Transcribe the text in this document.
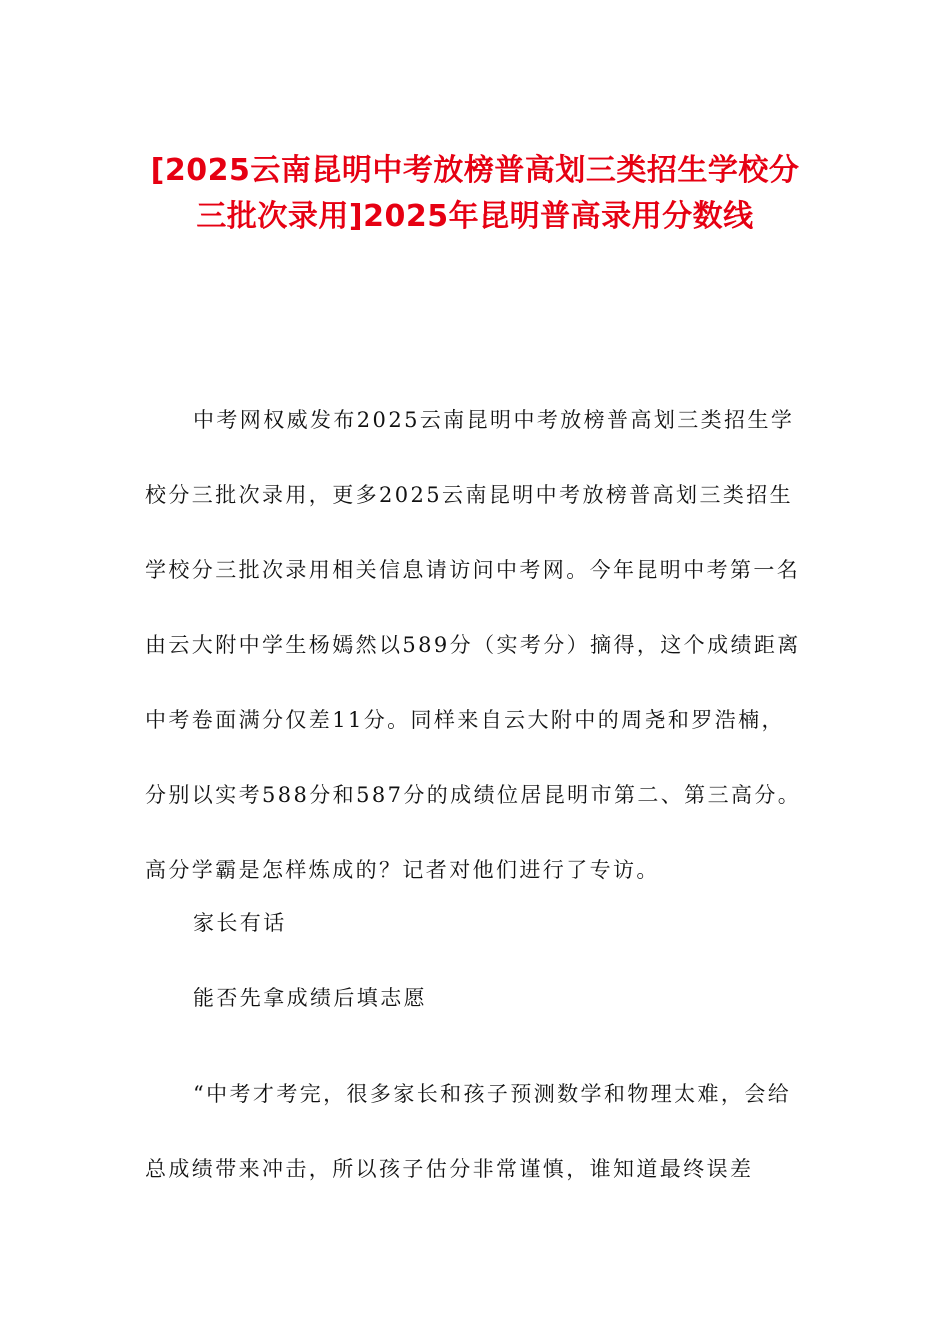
[2025云南昆明中考放榜普高划三类招生学校分三批次录用]2025年昆明普高录用分数线

中考网权威发布2025云南昆明中考放榜普高划三类招生学校分三批次录用，更多2025云南昆明中考放榜普高划三类招生学校分三批次录用相关信息请访问中考网。今年昆明中考第一名由云大附中学生杨嫣然以589分（实考分）摘得，这个成绩距离中考卷面满分仅差11分。同样来自云大附中的周尧和罗浩楠，分别以实考588分和587分的成绩位居昆明市第二、第三高分。高分学霸是怎样炼成的？记者对他们进行了专访。

家长有话

能否先拿成绩后填志愿

“中考才考完，很多家长和孩子预测数学和物理太难，会给总成绩带来冲击，所以孩子估分非常谨慎，谁知道最终误差
